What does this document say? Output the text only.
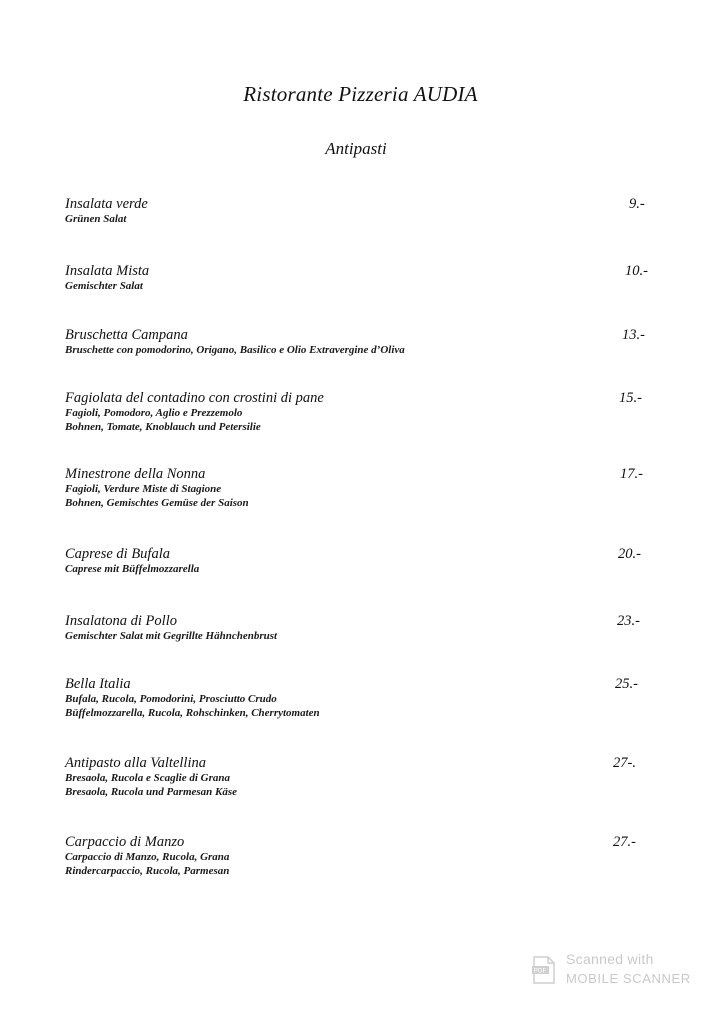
Ristorante Pizzeria AUDIA
Antipasti
Insalata verde
Grünen Salat
9.-
Insalata Mista
Gemischter Salat
10.-
Bruschetta Campana
Bruschette con pomodorino, Origano, Basilico e Olio Extravergine d’Oliva
13.-
Fagiolata del contadino con crostini di pane
Fagioli, Pomodoro, Aglio e Prezzemolo
Bohnen, Tomate, Knoblauch und Petersilie
15.-
Minestrone della Nonna
Fagioli, Verdure Miste di Stagione
Bohnen, Gemischtes Gemüse der Saison
17.-
Caprese di Bufala
Caprese mit Büffelmozzarella
20.-
Insalatona di Pollo
Gemischter Salat mit Gegrillte Hähnchenbrust
23.-
Bella Italia
Bufala, Rucola, Pomodorini, Prosciutto Crudo
Büffelmozzarella, Rucola, Rohschinken, Cherrytomaten
25.-
Antipasto alla Valtellina
Bresaola, Rucola e Scaglie di Grana
Bresaola, Rucola und Parmesan Käse
27-.
Carpaccio di Manzo
Carpaccio di Manzo, Rucola, Grana
Rindercarpaccio, Rucola, Parmesan
27.-
PDF
Scanned with
MOBILE SCANNER
